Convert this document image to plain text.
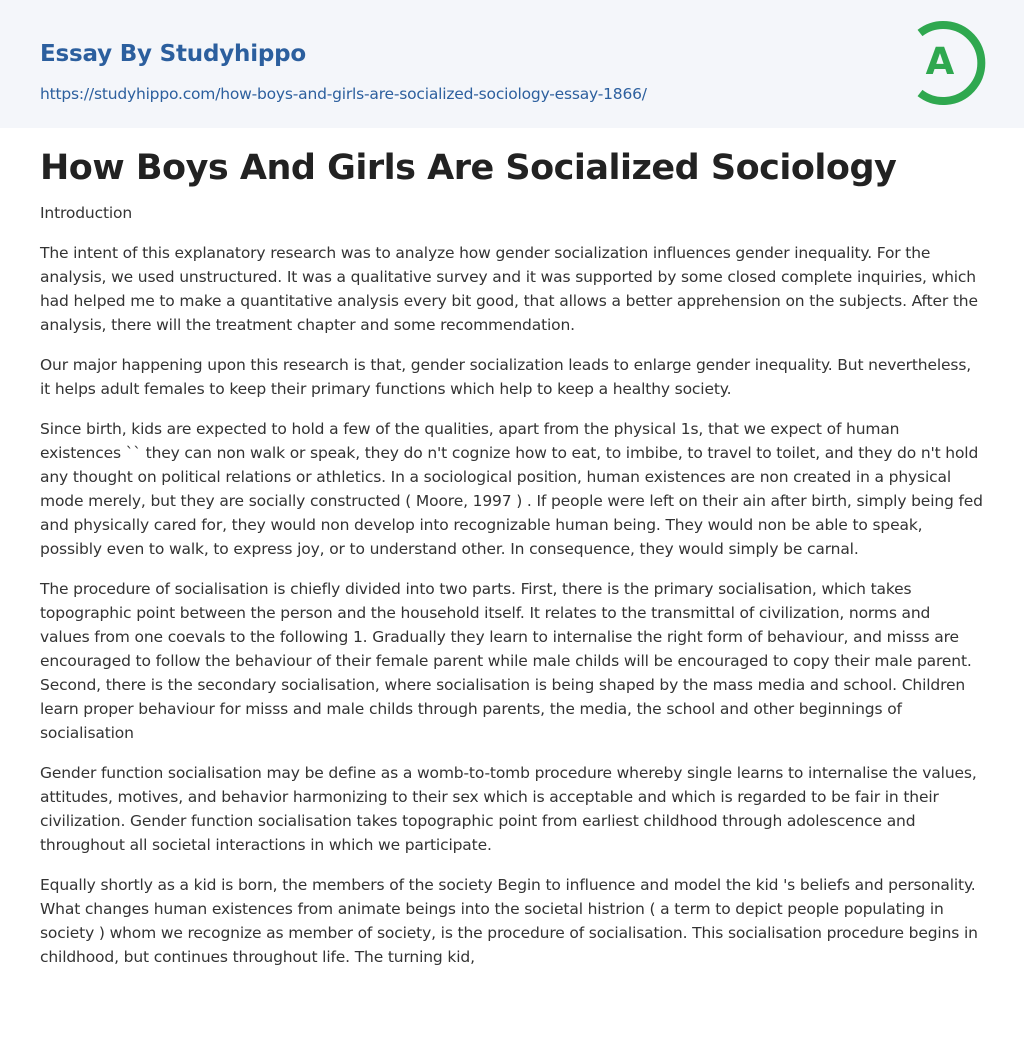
Essay By Studyhippo
https://studyhippo.com/how-boys-and-girls-are-socialized-sociology-essay-1866/
A
How Boys And Girls Are Socialized Sociology

Introduction

The intent of this explanatory research was to analyze how gender socialization influences gender inequality. For the analysis, we used unstructured. It was a qualitative survey and it was supported by some closed complete inquiries, which had helped me to make a quantitative analysis every bit good, that allows a better apprehension on the subjects. After the analysis, there will the treatment chapter and some recommendation.

Our major happening upon this research is that, gender socialization leads to enlarge gender inequality. But nevertheless, it helps adult females to keep their primary functions which help to keep a healthy society.

Since birth, kids are expected to hold a few of the qualities, apart from the physical 1s, that we expect of human existences `` they can non walk or speak, they do n't cognize how to eat, to imbibe, to travel to toilet, and they do n't hold any thought on political relations or athletics. In a sociological position, human existences are non created in a physical mode merely, but they are socially constructed ( Moore, 1997 ) . If people were left on their ain after birth, simply being fed and physically cared for, they would non develop into recognizable human being. They would non be able to speak, possibly even to walk, to express joy, or to understand other. In consequence, they would simply be carnal.

The procedure of socialisation is chiefly divided into two parts. First, there is the primary socialisation, which takes topographic point between the person and the household itself. It relates to the transmittal of civilization, norms and values from one coevals to the following 1. Gradually they learn to internalise the right form of behaviour, and misss are encouraged to follow the behaviour of their female parent while male childs will be encouraged to copy their male parent. Second, there is the secondary socialisation, where socialisation is being shaped by the mass media and school. Children learn proper behaviour for misss and male childs through parents, the media, the school and other beginnings of socialisation

Gender function socialisation may be define as a womb-to-tomb procedure whereby single learns to internalise the values, attitudes, motives, and behavior harmonizing to their sex which is acceptable and which is regarded to be fair in their civilization. Gender function socialisation takes topographic point from earliest childhood through adolescence and throughout all societal interactions in which we participate.

Equally shortly as a kid is born, the members of the society Begin to influence and model the kid 's beliefs and personality. What changes human existences from animate beings into the societal histrion ( a term to depict people populating in society ) whom we recognize as member of society, is the procedure of socialisation. This socialisation procedure begins in childhood, but continues throughout life. The turning kid,
